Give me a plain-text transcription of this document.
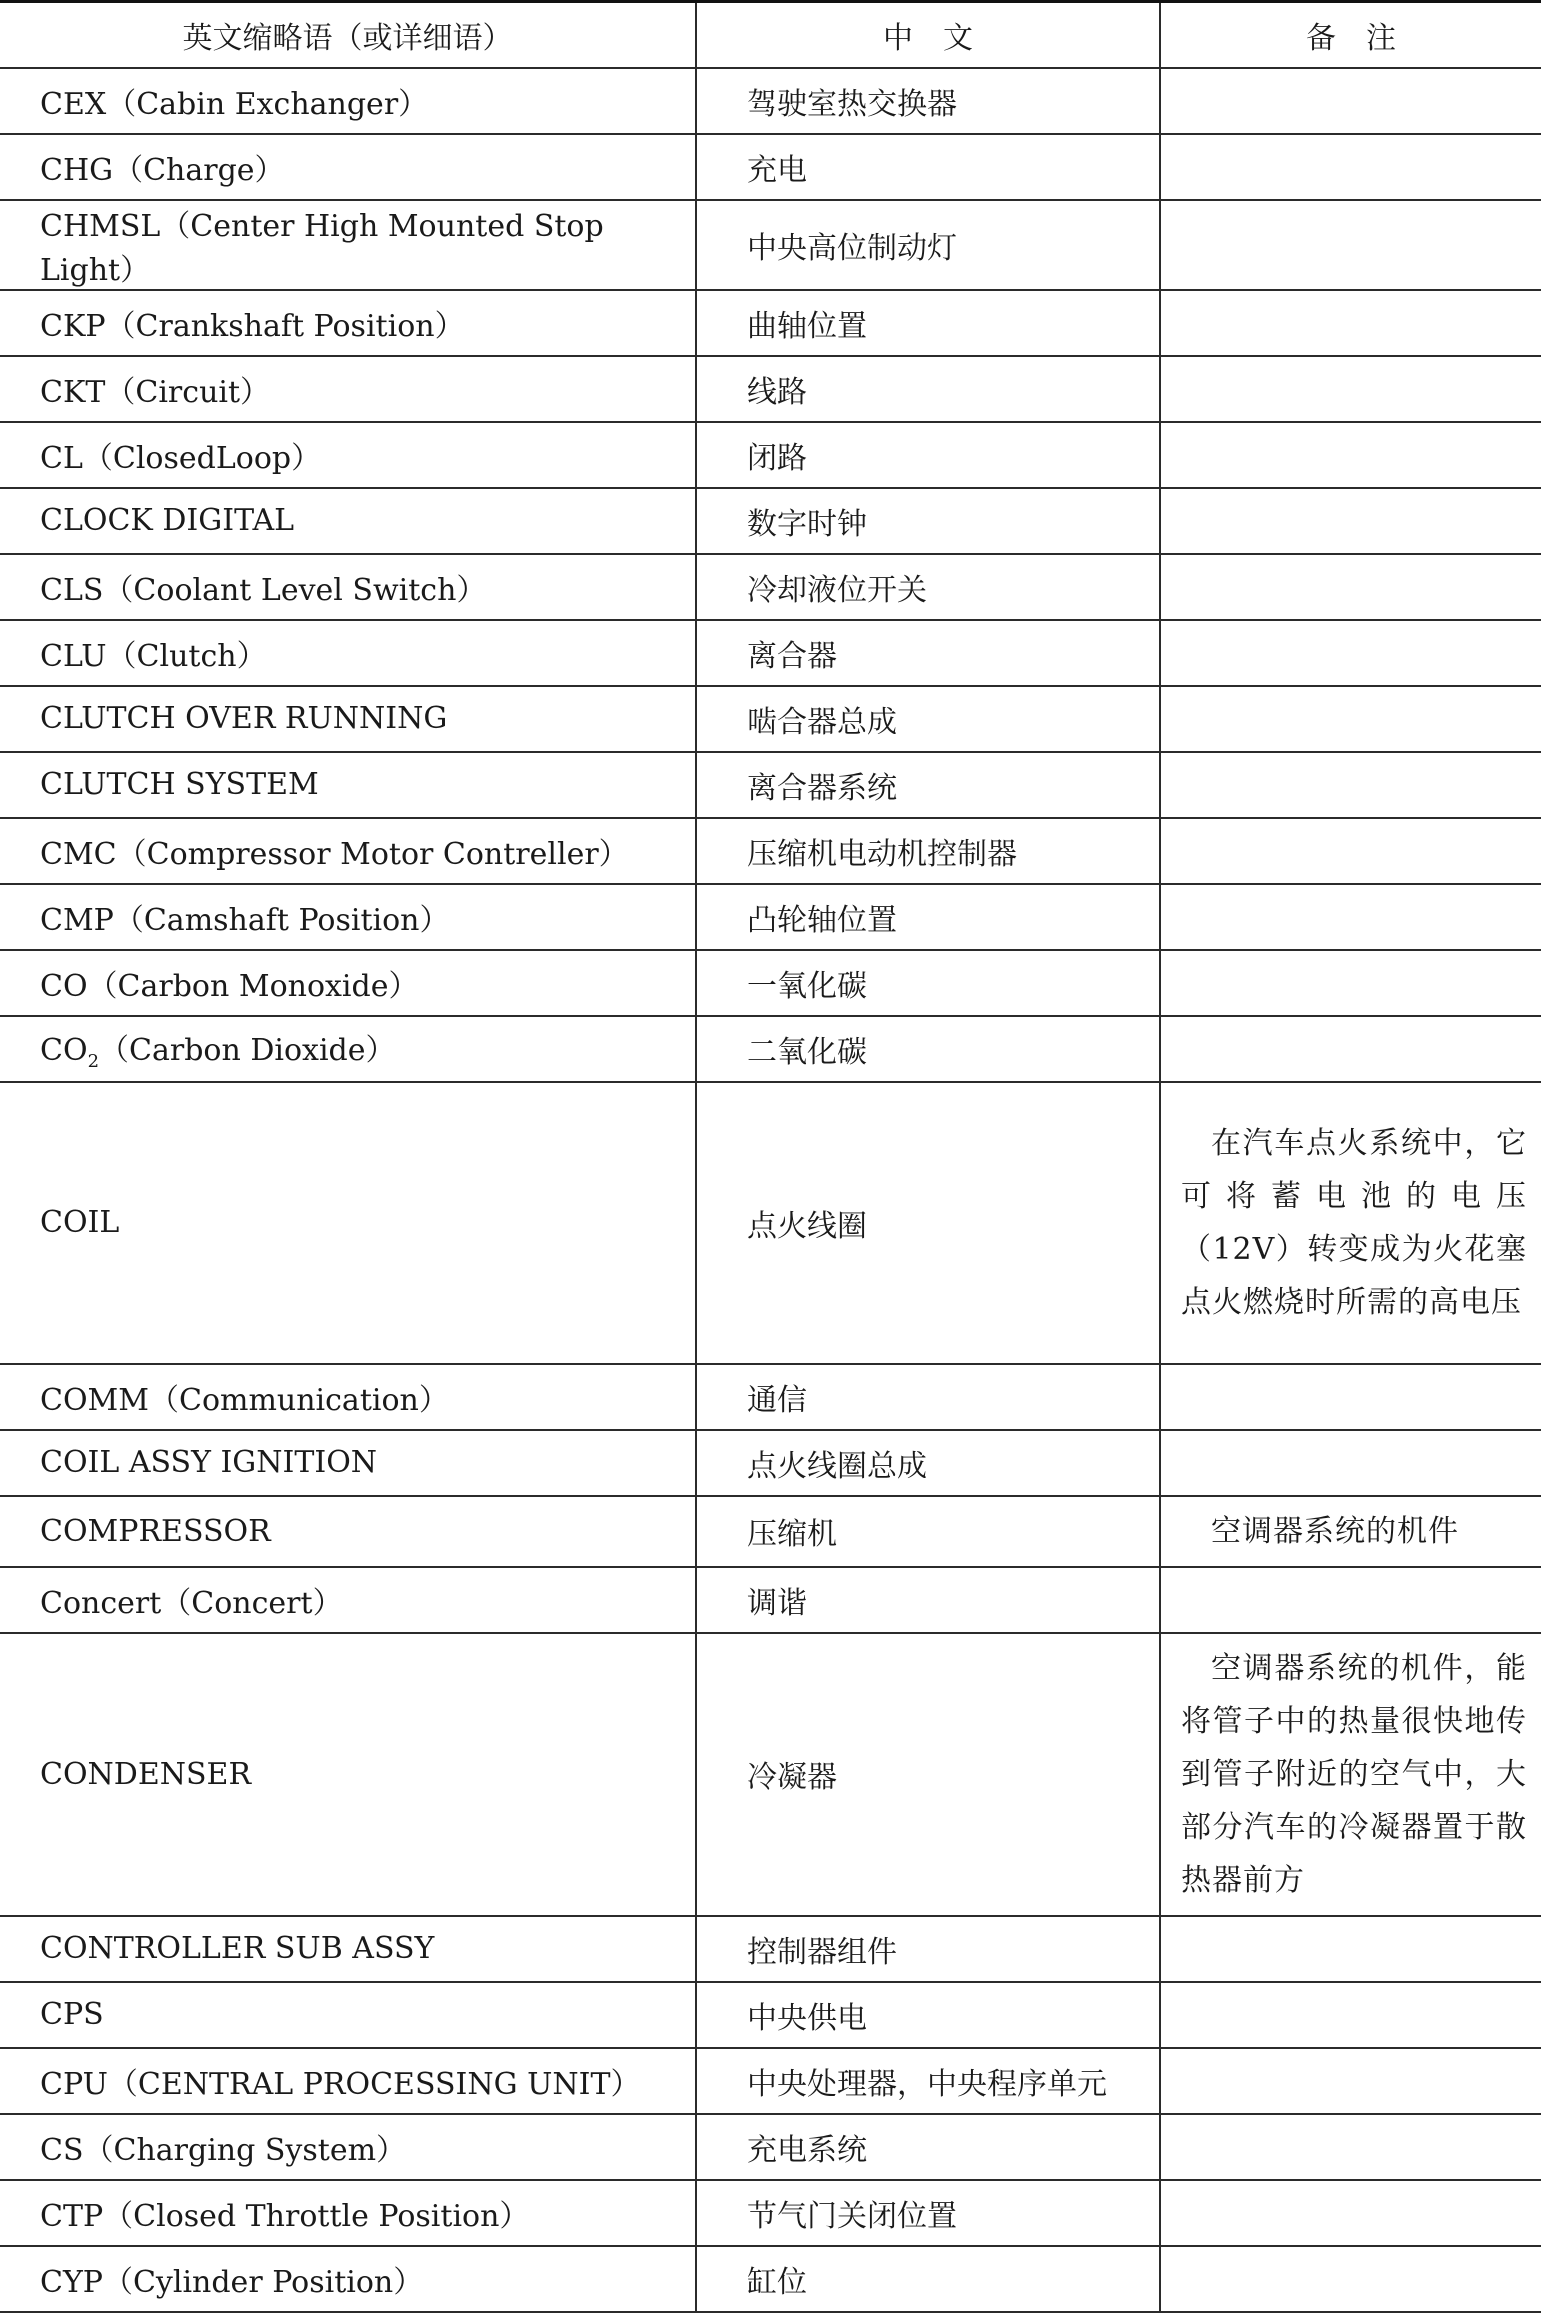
英文缩略语（或详细语）	中　文	备　注
CEX（Cabin Exchanger）	驾驶室热交换器	
CHG（Charge）	充电	
CHMSL（Center High Mounted Stop Light）	中央高位制动灯	
CKP（Crankshaft Position）	曲轴位置	
CKT（Circuit）	线路	
CL（ClosedLoop）	闭路	
CLOCK DIGITAL	数字时钟	
CLS（Coolant Level Switch）	冷却液位开关	
CLU（Clutch）	离合器	
CLUTCH OVER RUNNING	啮合器总成	
CLUTCH SYSTEM	离合器系统	
CMC（Compressor Motor Contreller）	压缩机电动机控制器	
CMP（Camshaft Position）	凸轮轴位置	
CO（Carbon Monoxide）	一氧化碳	
$CO_2(Carbon$ Dioxide）	二氧化碳	
COIL	点火线圈	在汽车点火系统中，它可将蓄电池的电压（12V）转变成为火花塞点火燃烧时所需的高电压
COMM（Communication）	通信	
COIL ASSY IGNITION	点火线圈总成	
COMPRESSOR	压缩机	空调器系统的机件
Concert（Concert）	调谐	
CONDENSER	冷凝器	空调器系统的机件，能将管子中的热量很快地传到管子附近的空气中，大部分汽车的冷凝器置于散热器前方
CONTROLLER SUB ASSY	控制器组件	
CPS	中央供电	
CPU（CENTRAL PROCESSING UNIT）	中央处理器，中央程序单元	
CS（Charging System）	充电系统	
CTP（Closed Throttle Position）	节气门关闭位置	
CYP（Cylinder Position）	缸位	
